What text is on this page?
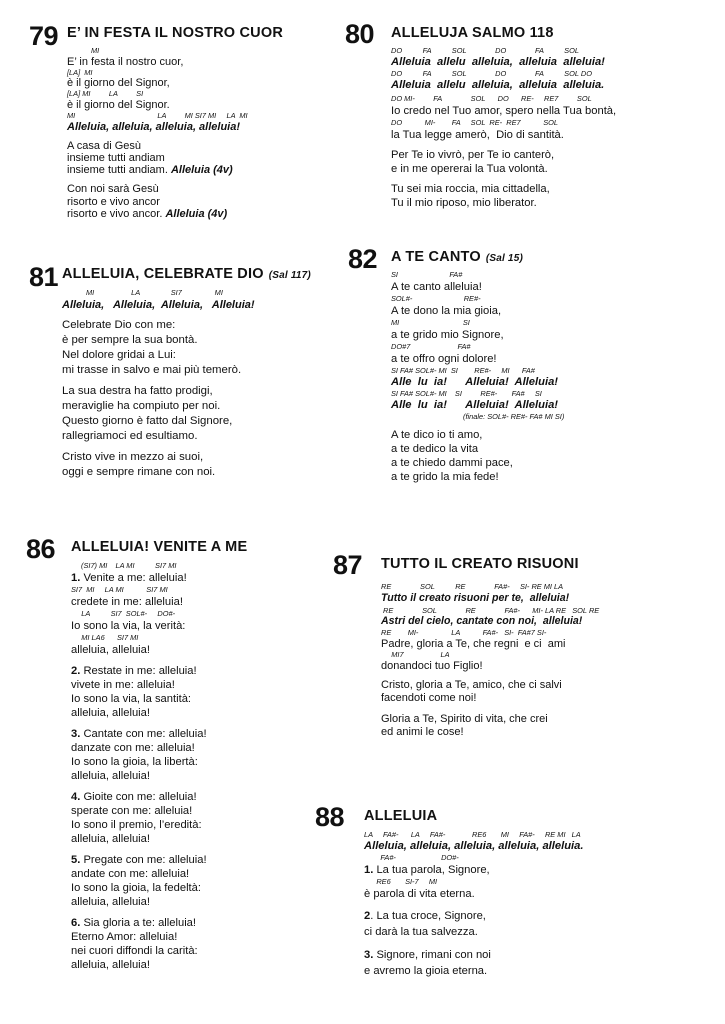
79 E’ IN FESTA IL NOSTRO CUOR
MI
E’ in festa il nostro cuor,
[LA]  MI
è il giorno del Signor,
[LA] MI         LA         SI
è il giorno del Signor.
MI                                        LA         MI SI7 MI     LA  MI
Alleluia, alleluia, alleluia, alleluia!
A casa di Gesù
insieme tutti andiam
insieme tutti andiam. Alleluia (4v)
Con noi sarà Gesù
risorto e vivo ancor
risorto e vivo ancor. Alleluia (4v)
80 ALLELUJA SALMO 118
DO          FA          SOL              DO              FA          SOL
Alleluia  allelu  alleluia,  alleluia  alleluia!
DO          FA          SOL              DO              FA          SOL DO
Alleluia  allelu  alleluia,  alleluia  alleluia.
DO MI-         FA              SOL      DO      RE-     RE7         SOL
Io credo nel Tuo amor, spero nella Tua bontà,
DO           MI-        FA     SOL  RE-  RE7           SOL
la Tua legge amerò,  Dio di santità.
Per Te io vivrò, per Te io canterò,
e in me opererai la Tua volontà.
Tu sei mia roccia, mia cittadella,
Tu il mio riposo, mio liberator.
81 ALLELUIA, CELEBRATE DIO (Sal 117)
MI                  LA               SI7                MI
Alleluia,   Alleluia,  Alleluia,   Alleluia!
Celebrate Dio con me:
è per sempre la sua bontà.
Nel dolore gridai a Lui:
mi trasse in salvo e mai più temerò.
La sua destra ha fatto prodigi,
meraviglie ha compiuto per noi.
Questo giorno è fatto dal Signore,
rallegriamoci ed esultiamo.
Cristo vive in mezzo ai suoi,
oggi e sempre rimane con noi.
82 A TE CANTO (Sal 15)
SI                         FA#
A te canto alleluia!
SOL#-                         RE#-
A te dono la mia gioia,
MI                               SI
a te grido mio Signore,
DO#7                       FA#
a te offro ogni dolore!
SI FA# SOL#- MI  SI        RE#-     MI      FA#
Alle  lu  ia!      Alleluia!  Alleluia!
SI FA# SOL#- MI    SI         RE#-       FA#     SI
Alle  lu  ia!      Alleluia!  Alleluia!
(finale: SOL#- RE#- FA# MI SI)
A te dico io ti amo,
a te dedico la vita
a te chiedo dammi pace,
a te grido la mia fede!
86 ALLELUIA! VENITE A ME
(SI7) MI    LA MI          SI7 MI
1. Venite a me: alleluia!
SI7  MI     LA MI           SI7 MI
credete in me: alleluia!
LA          SI7  SOL#-     DO#-
Io sono la via, la verità:
MI LA6      SI7 MI
alleluia, alleluia!
2. Restate in me: alleluia!
vivete in me: alleluia!
Io sono la via, la santità:
alleluia, alleluia!
3. Cantate con me: alleluia!
danzate con me: alleluia!
Io sono la gioia, la libertà:
alleluia, alleluia!
4. Gioite con me: alleluia!
sperate con me: alleluia!
Io sono il premio, l’eredità:
alleluia, alleluia!
5. Pregate con me: alleluia!
andate con me: alleluia!
Io sono la gioia, la fedeltà:
alleluia, alleluia!
6. Sia gloria a te: alleluia!
Eterno Amor: alleluia!
nei cuori diffondi la carità:
alleluia, alleluia!
87 TUTTO IL CREATO RISUONI
RE              SOL          RE              FA#-     SI- RE MI LA
Tutto il creato risuoni per te,  alleluia!
RE              SOL              RE              FA#-      MI- LA RE   SOL RE
Astri del cielo, cantate con noi,  alleluia!
RE        MI-                LA           FA#-   SI-  FA#7 SI-
Padre, gloria a Te, che regni  e ci  ami
MI7                  LA
donandoci tuo Figlio!
Cristo, gloria a Te, amico, che ci salvi
facendoti come noi!
Gloria a Te, Spirito di vita, che crei
ed animi le cose!
88 ALLELUIA
LA     FA#-      LA     FA#-             RE6       MI     FA#-     RE MI   LA
Alleluia, alleluia, alleluia, alleluia, alleluia.
FA#-                      DO#-
1. La tua parola, Signore,
RE6       SI-7     MI
è parola di vita eterna.
2. La tua croce, Signore,
ci darà la tua salvezza.
3. Signore, rimani con noi
e avremo la gioia eterna.
